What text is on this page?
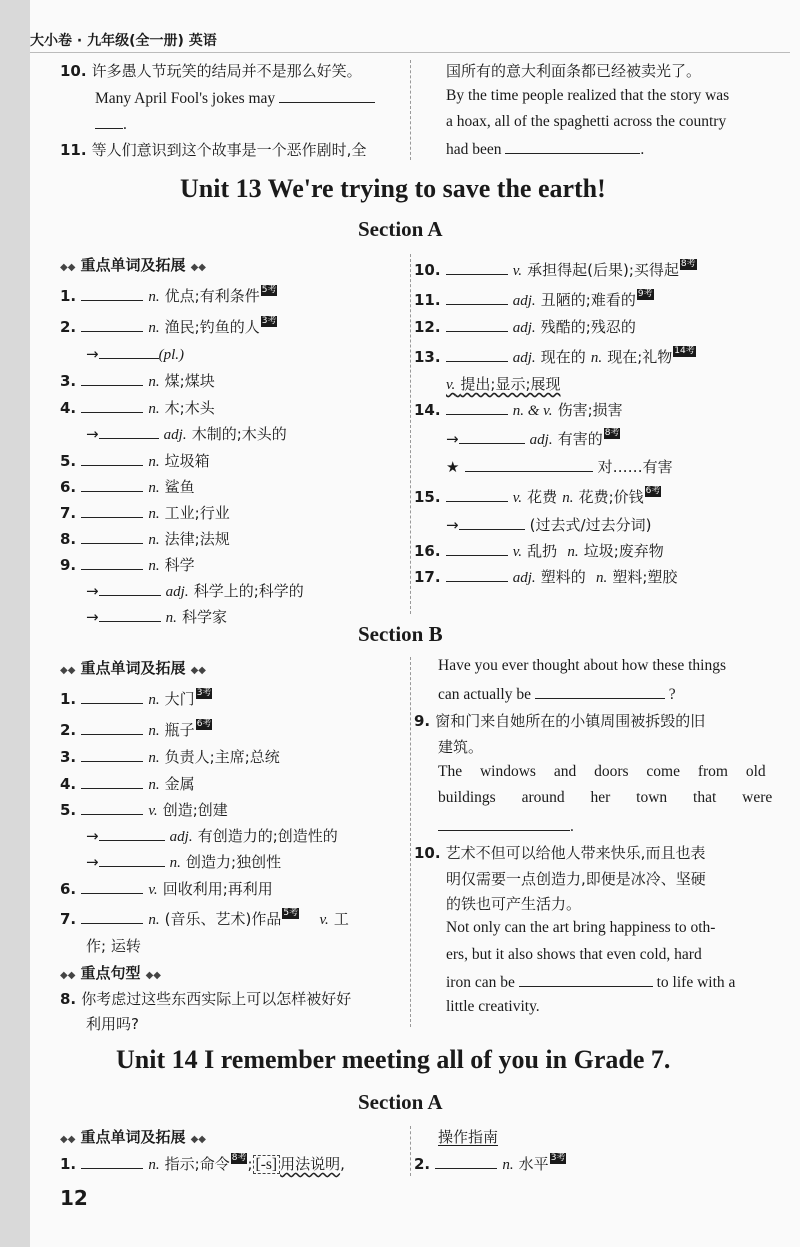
大小卷 · 九年级(全一册) 英语
10. 许多愚人节玩笑的结局并不是那么好笑。
Many April Fool's jokes may
.
11. 等人们意识到这个故事是一个恶作剧时,全
国所有的意大利面条都已经被卖光了。
By the time people realized that the story was
a hoax, all of the spaghetti across the country
had been	.
Unit 13 We're trying to save the earth!
Section A
◆◆ 重点单词及拓展 ◆◆
1.	n. 优点;有利条件 5考
2.	n. 渔民;钓鱼的人 3考
→	(pl.)
3.	n. 煤;煤块
4.	n. 木;木头
→	adj. 木制的;木头的
5.	n. 垃圾箱
6.	n. 鲨鱼
7.	n. 工业;行业
8.	n. 法律;法规
9.	n. 科学
→	adj. 科学上的;科学的
→	n. 科学家
10.	v. 承担得起(后果);买得起 8考
11.	adj. 丑陋的;难看的 9考
12.	adj. 残酷的;残忍的
13.	adj. 现在的 n. 现在;礼物 14考
v. 提出;显示;展现
14.	n. & v. 伤害;损害
→	adj. 有害的 8考
★	对……有害
15.	v. 花费 n. 花费;价钱 6考
→	(过去式/过去分词)
16.	v. 乱扔 n. 垃圾;废弃物
17.	adj. 塑料的 n. 塑料;塑胶
Section B
◆◆ 重点单词及拓展 ◆◆
1.	n. 大门 3考
2.	n. 瓶子 6考
3.	n. 负责人;主席;总统
4.	n. 金属
5.	v. 创造;创建
→	adj. 有创造力的;创造性的
→	n. 创造力;独创性
6.	v. 回收利用;再利用
7.	n. (音乐、艺术)作品 5考 v. 工
作; 运转
◆◆ 重点句型 ◆◆
8. 你考虑过这些东西实际上可以怎样被好好
利用吗?
Have you ever thought about how these things
can actually be	?
9. 窗和门来自她所在的小镇周围被拆毁的旧
建筑。
The windows and doors come from old
buildings around her town that were
.
10. 艺术不但可以给他人带来快乐,而且也表
明仅需要一点创造力,即便是冰冷、坚硬
的铁也可产生活力。
Not only can the art bring happiness to oth-
ers, but it also shows that even cold, hard
iron can be	to life with a
little creativity.
Unit 14 I remember meeting all of you in Grade 7.
Section A
◆◆ 重点单词及拓展 ◆◆
1.	n. 指示;命令 8考; [-s] 用法说明,
操作指南
2.	n. 水平 3考
12
